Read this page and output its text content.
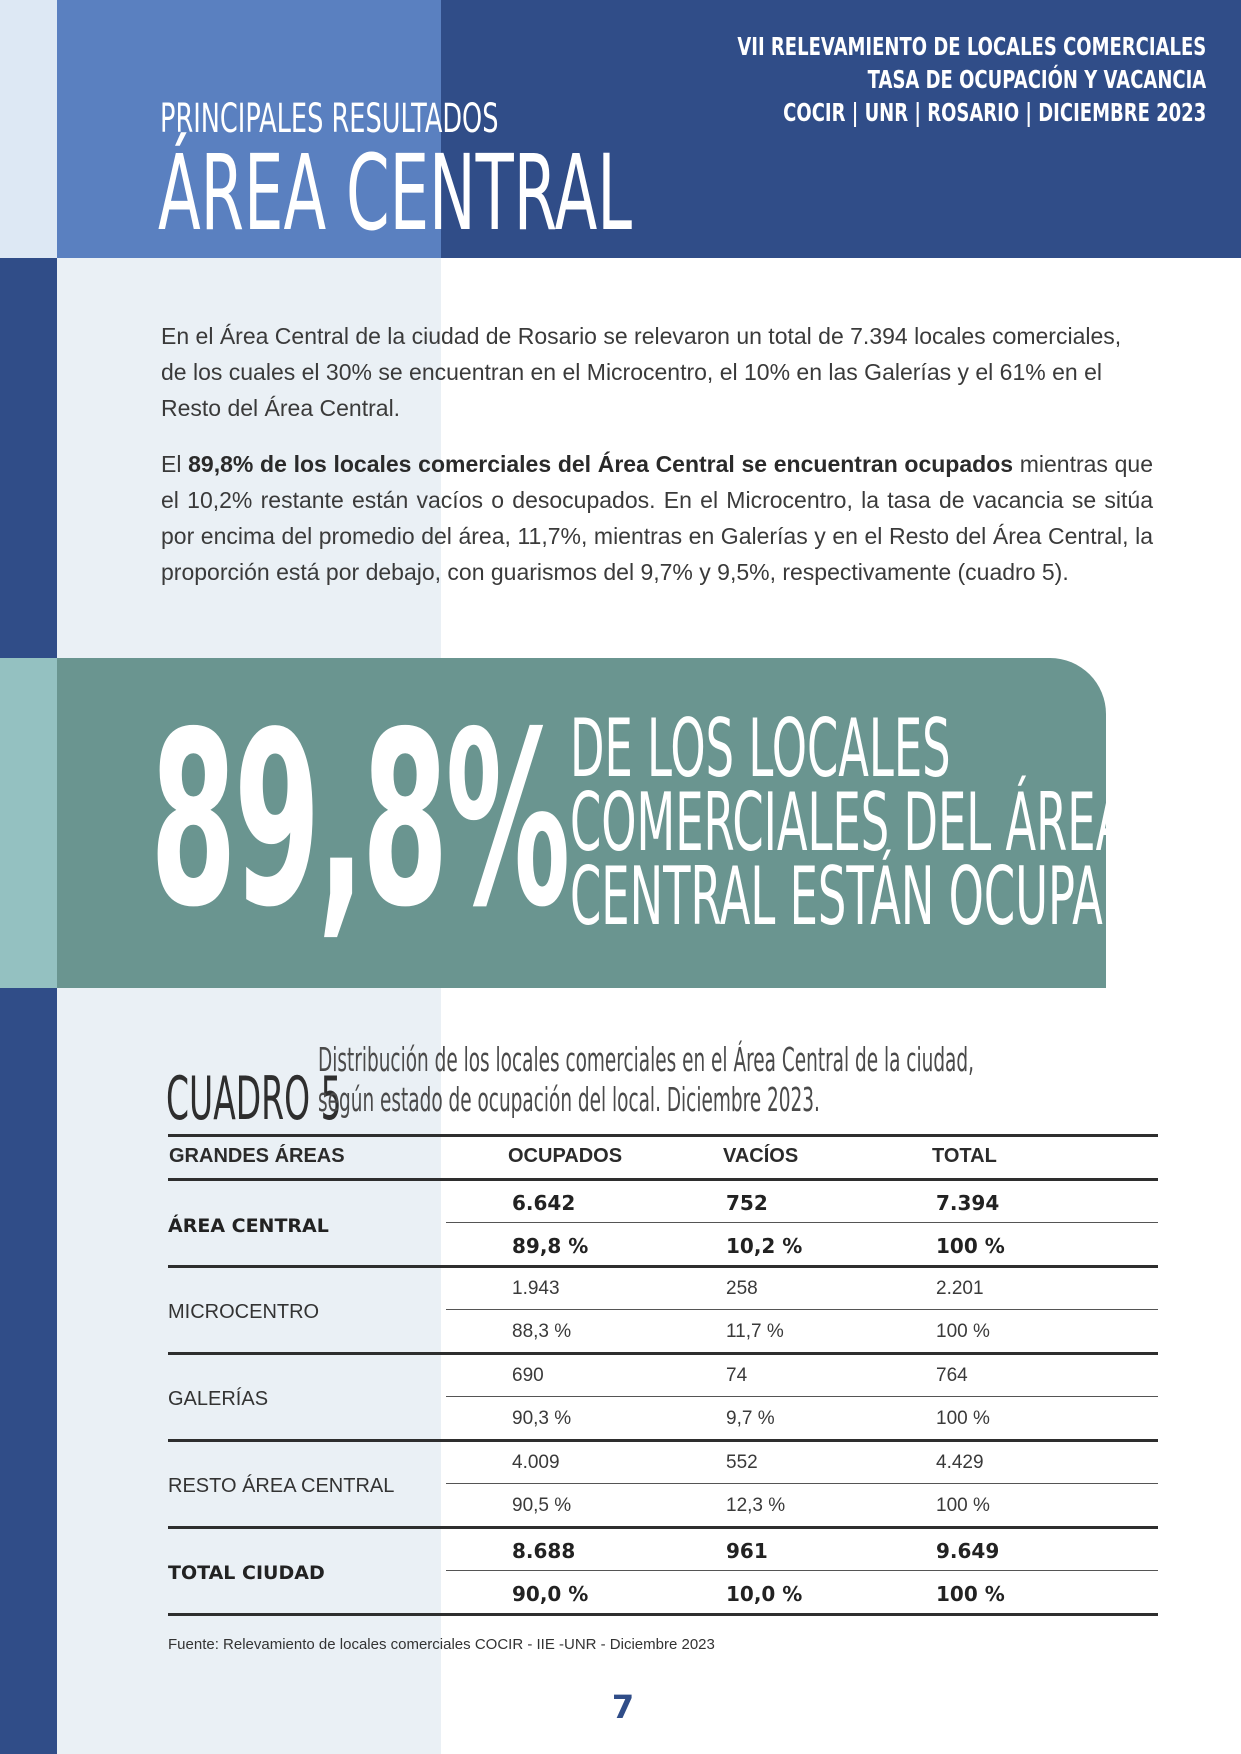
VII RELEVAMIENTO DE LOCALES COMERCIALES
TASA DE OCUPACIÓN Y VACANCIA
COCIR | UNR | ROSARIO | DICIEMBRE 2023
PRINCIPALES RESULTADOS
ÁREA CENTRAL

En el Área Central de la ciudad de Rosario se relevaron un total de 7.394 locales comerciales, de los cuales el 30% se encuentran en el Microcentro, el 10% en las Galerías y el 61% en el Resto del Área Central.

El 89,8% de los locales comerciales del Área Central se encuentran ocupados mientras que el 10,2% restante están vacíos o desocupados. En el Microcentro, la tasa de vacancia se sitúa por encima del promedio del área, 11,7%, mientras en Galerías y en el Resto del Área Central, la proporción está por debajo, con guarismos del 9,7% y 9,5%, respectivamente (cuadro 5).

89,8% DE LOS LOCALES
COMERCIALES DEL ÁREA
CENTRAL ESTÁN OCUPADOS
CUADRO 5
Distribución de los locales comerciales en el Área Central de la ciudad,
según estado de ocupación del local. Diciembre 2023.
GRANDES ÁREAS	OCUPADOS	VACÍOS	TOTAL
ÁREA CENTRAL
6.642	752	7.394
89,8 %	10,2 %	100 %
MICROCENTRO
1.943	258	2.201
88,3 %	11,7 %	100 %
GALERÍAS
690	74	764
90,3 %	9,7 %	100 %
RESTO ÁREA CENTRAL
4.009	552	4.429
90,5 %	12,3 %	100 %
TOTAL CIUDAD
8.688	961	9.649
90,0 %	10,0 %	100 %
Fuente: Relevamiento de locales comerciales COCIR - IIE -UNR - Diciembre 2023
7
